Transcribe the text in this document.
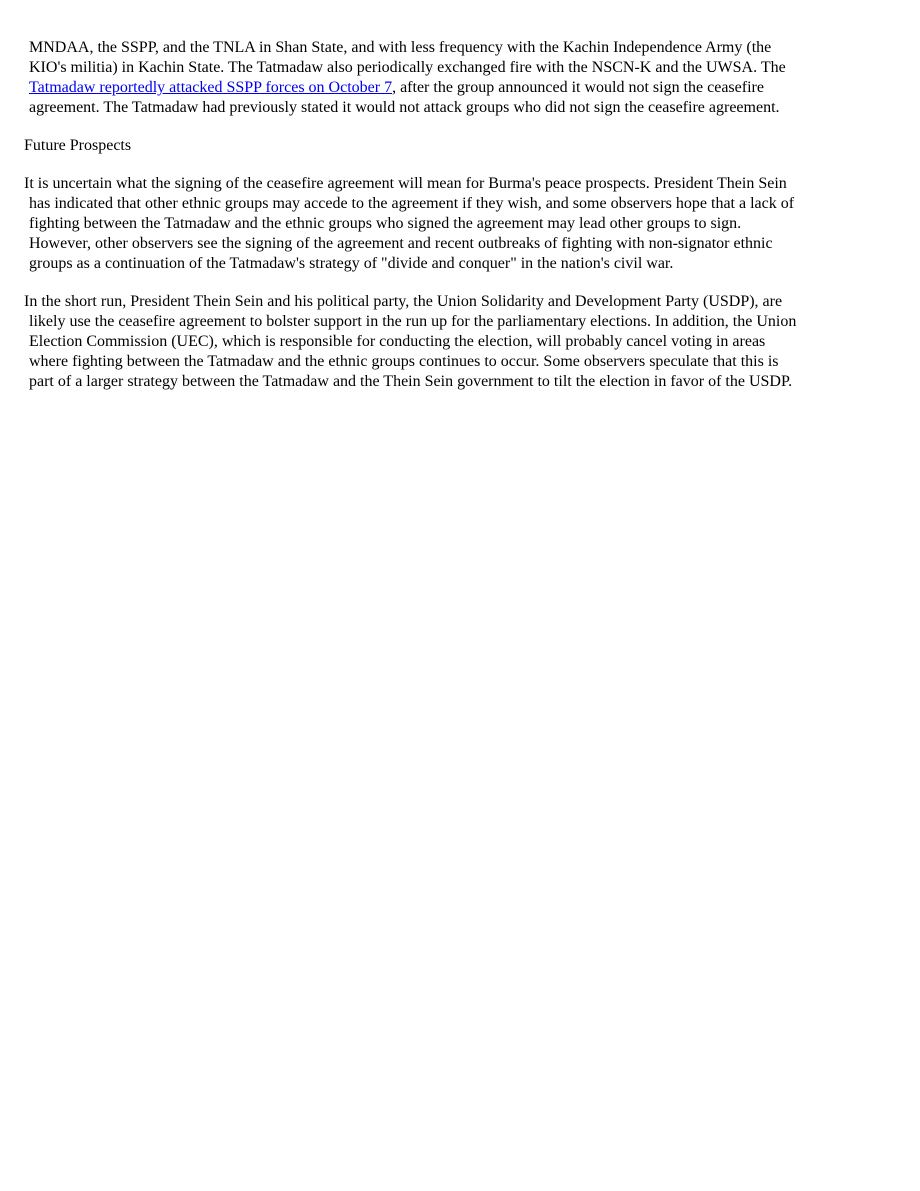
MNDAA, the SSPP, and the TNLA in Shan State, and with less frequency with the Kachin Independence Army (the
KIO's militia) in Kachin State. The Tatmadaw also periodically exchanged fire with the NSCN-K and the UWSA. The
Tatmadaw reportedly attacked SSPP forces on October 7, after the group announced it would not sign the ceasefire
agreement. The Tatmadaw had previously stated it would not attack groups who did not sign the ceasefire agreement.

Future Prospects

It is uncertain what the signing of the ceasefire agreement will mean for Burma's peace prospects. President Thein Sein
has indicated that other ethnic groups may accede to the agreement if they wish, and some observers hope that a lack of
fighting between the Tatmadaw and the ethnic groups who signed the agreement may lead other groups to sign.
However, other observers see the signing of the agreement and recent outbreaks of fighting with non-signator ethnic
groups as a continuation of the Tatmadaw's strategy of "divide and conquer" in the nation's civil war.

In the short run, President Thein Sein and his political party, the Union Solidarity and Development Party (USDP), are
likely use the ceasefire agreement to bolster support in the run up for the parliamentary elections. In addition, the Union
Election Commission (UEC), which is responsible for conducting the election, will probably cancel voting in areas
where fighting between the Tatmadaw and the ethnic groups continues to occur. Some observers speculate that this is
part of a larger strategy between the Tatmadaw and the Thein Sein government to tilt the election in favor of the USDP.
